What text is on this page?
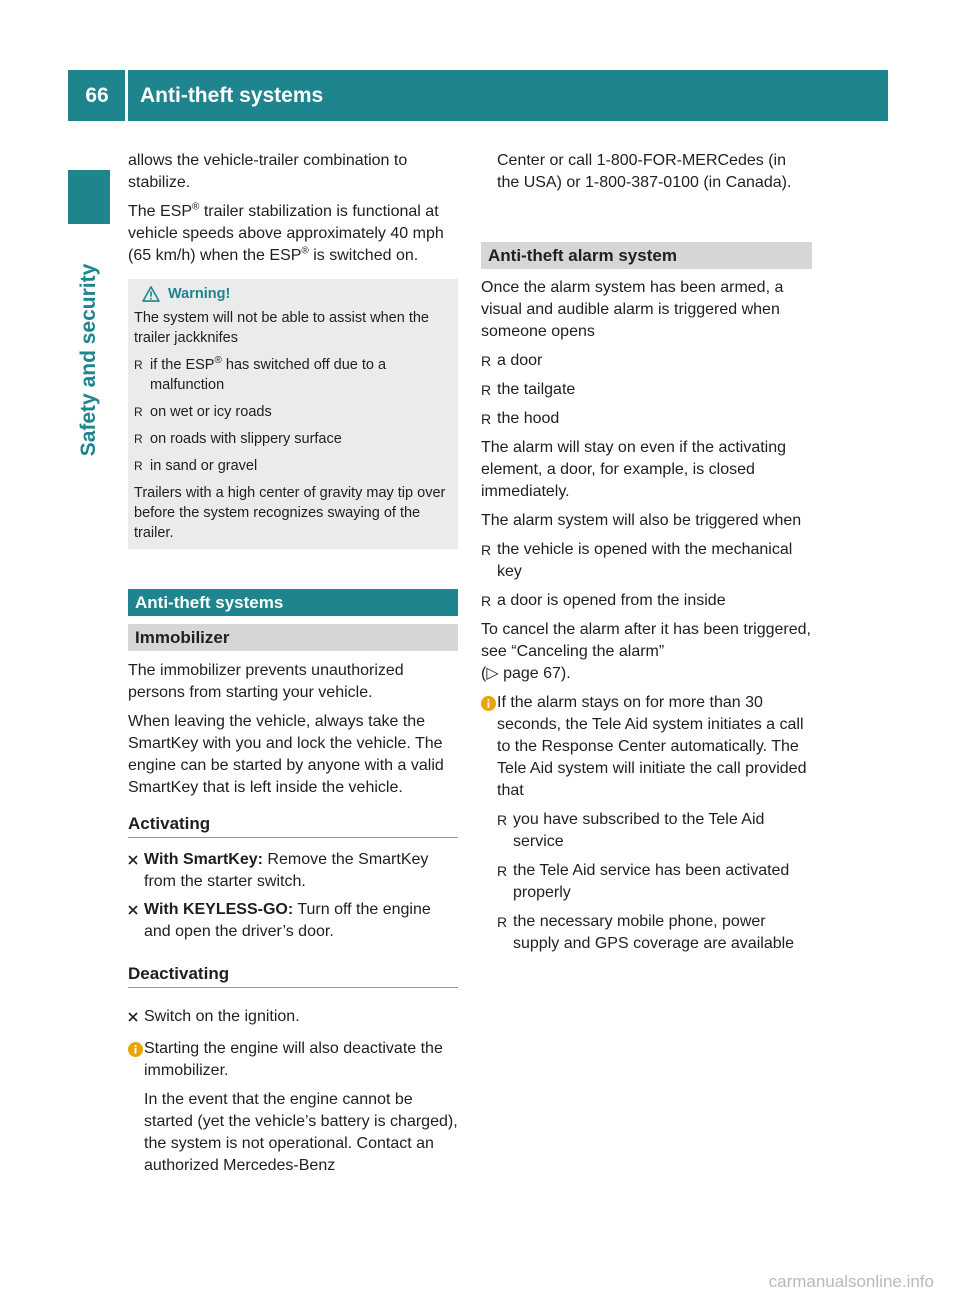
66	Anti-theft systems
Safety and security

allows the vehicle-trailer combination to stabilize.

The ESP® trailer stabilization is functional at vehicle speeds above approximately 40 mph (65 km/h) when the ESP® is switched on.

Warning!

The system will not be able to assist when the trailer jackknifes

R if the ESP® has switched off due to a malfunction
R on wet or icy roads
R on roads with slippery surface
R in sand or gravel

Trailers with a high center of gravity may tip over before the system recognizes swaying of the trailer.

Anti-theft systems
Immobilizer

The immobilizer prevents unauthorized persons from starting your vehicle.

When leaving the vehicle, always take the SmartKey with you and lock the vehicle. The engine can be started by anyone with a valid SmartKey that is left inside the vehicle.

Activating
With SmartKey: Remove the SmartKey from the starter switch.
With KEYLESS-GO: Turn off the engine and open the driver’s door.
Deactivating
Switch on the ignition.

Starting the engine will also deactivate the immobilizer.

In the event that the engine cannot be started (yet the vehicle’s battery is charged), the system is not operational. Contact an authorized Mercedes-Benz

Center or call 1-800-FOR-MERCedes (in the USA) or 1-800-387-0100 (in Canada).

Anti-theft alarm system

Once the alarm system has been armed, a visual and audible alarm is triggered when someone opens

R a door
R the tailgate
R the hood

The alarm will stay on even if the activating element, a door, for example, is closed immediately.

The alarm system will also be triggered when

R the vehicle is opened with the mechanical key
R a door is opened from the inside

To cancel the alarm after it has been triggered, see “Canceling the alarm”
(▷ page 67).

If the alarm stays on for more than 30 seconds, the Tele Aid system initiates a call to the Response Center automatically. The Tele Aid system will initiate the call provided that

R you have subscribed to the Tele Aid service
R the Tele Aid service has been activated properly
R the necessary mobile phone, power supply and GPS coverage are available
carmanualsonline.info
